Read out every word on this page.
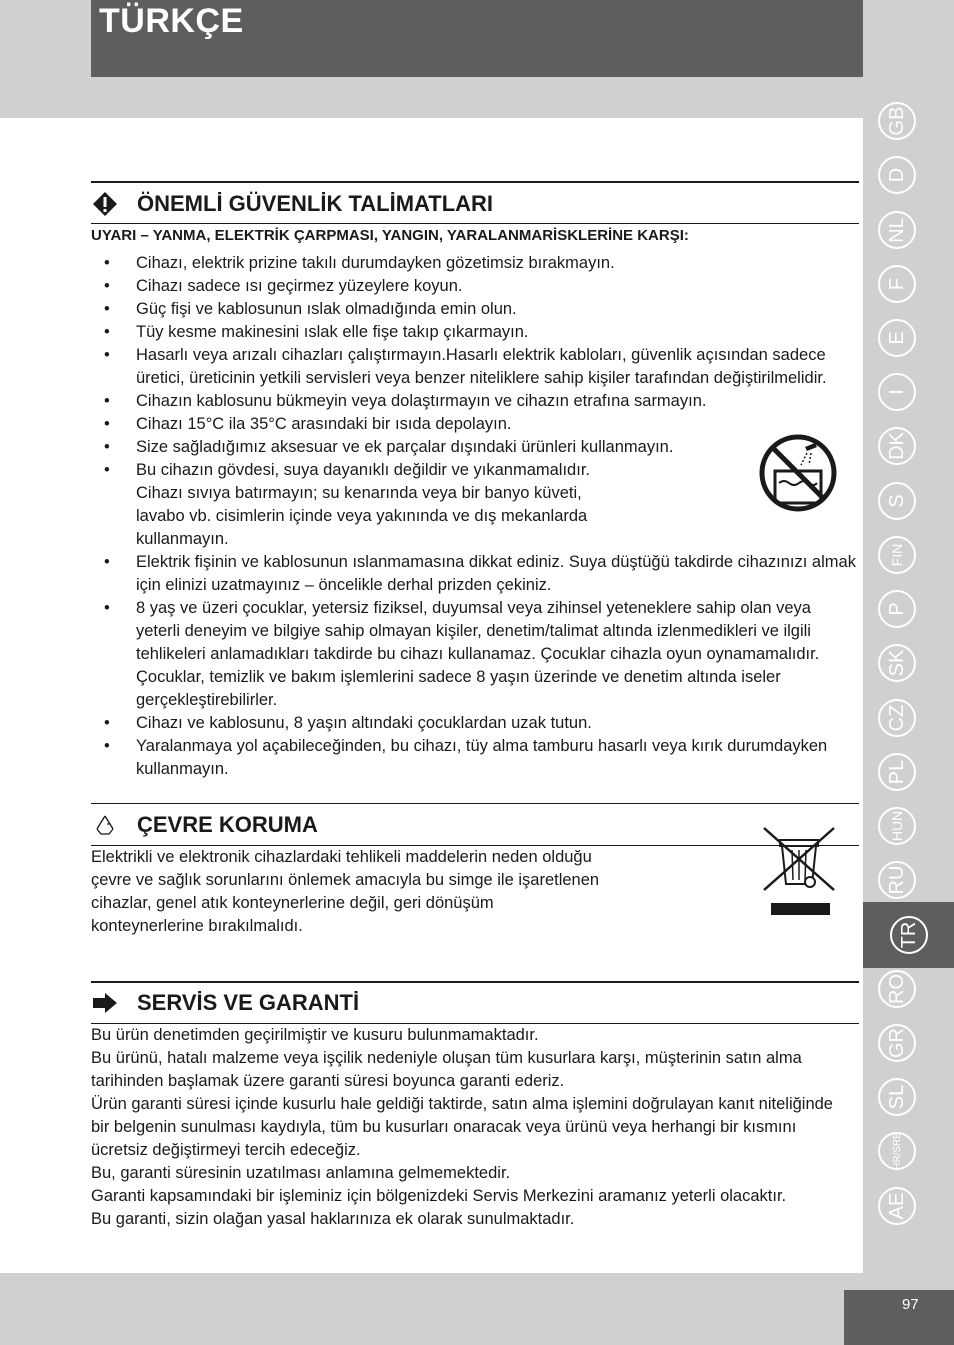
TÜRKÇE
ÖNEMLİ GÜVENLİK TALİMATLARI
UYARI – YANMA, ELEKTRİK ÇARPMASI, YANGIN, YARALANMARİSKLERİNE KARŞI:
• Cihazı, elektrik prizine takılı durumdayken gözetimsiz bırakmayın.
• Cihazı sadece ısı geçirmez yüzeylere koyun.
• Güç fişi ve kablosunun ıslak olmadığında emin olun.
• Tüy kesme makinesini ıslak elle fişe takıp çıkarmayın.
• Hasarlı veya arızalı cihazları çalıştırmayın.Hasarlı elektrik kabloları, güvenlik açısından sadece üretici, üreticinin yetkili servisleri veya benzer niteliklere sahip kişiler tarafından değiştirilmelidir.
• Cihazın kablosunu bükmeyin veya dolaştırmayın ve cihazın etrafına sarmayın.
• Cihazı 15°C ila 35°C arasındaki bir ısıda depolayın.
• Size sağladığımız aksesuar ve ek parçalar dışındaki ürünleri kullanmayın.
• Bu cihazın gövdesi, suya dayanıklı değildir ve yıkanmamalıdır. Cihazı sıvıya batırmayın; su kenarında veya bir banyo küveti, lavabo vb. cisimlerin içinde veya yakınında ve dış mekanlarda kullanmayın.
• Elektrik fişinin ve kablosunun ıslanmamasına dikkat ediniz. Suya düştüğü takdirde cihazınızı almak için elinizi uzatmayınız – öncelikle derhal prizden çekiniz.
• 8 yaş ve üzeri çocuklar, yetersiz fiziksel, duyumsal veya zihinsel yeteneklere sahip olan veya yeterli deneyim ve bilgiye sahip olmayan kişiler, denetim/talimat altında izlenmedikleri ve ilgili tehlikeleri anlamadıkları takdirde bu cihazı kullanamaz. Çocuklar cihazla oyun oynamamalıdır. Çocuklar, temizlik ve bakım işlemlerini sadece 8 yaşın üzerinde ve denetim altında iseler gerçekleştirebilirler.
• Cihazı ve kablosunu, 8 yaşın altındaki çocuklardan uzak tutun.
• Yaralanmaya yol açabileceğinden, bu cihazı, tüy alma tamburu hasarlı veya kırık durumdayken kullanmayın.
ÇEVRE KORUMA
Elektrikli ve elektronik cihazlardaki tehlikeli maddelerin neden olduğu çevre ve sağlık sorunlarını önlemek amacıyla bu simge ile işaretlenen cihazlar, genel atık konteynerlerine değil, geri dönüşüm konteynerlerine bırakılmalıdı.
SERVİS VE GARANTİ

Bu ürün denetimden geçirilmiştir ve kusuru bulunmamaktadır.

Bu ürünü, hatalı malzeme veya işçilik nedeniyle oluşan tüm kusurlara karşı, müşterinin satın alma tarihinden başlamak üzere garanti süresi boyunca garanti ederiz.

Ürün garanti süresi içinde kusurlu hale geldiği taktirde, satın alma işlemini doğrulayan kanıt niteliğinde bir belgenin sunulması kaydıyla, tüm bu kusurları onaracak veya ürünü veya herhangi bir kısmını ücretsiz değiştirmeyi tercih edeceğiz.

Bu, garanti süresinin uzatılması anlamına gelmemektedir.

Garanti kapsamındaki bir işleminiz için bölgenizdeki Servis Merkezini aramanız yeterli olacaktır.

Bu garanti, sizin olağan yasal haklarınıza ek olarak sunulmaktadır.

GB
D
NL
F
E
I
DK
S
FIN
P
SK
CZ
PL
HUN
RU
TR
RO
GR
SL
HR/SRB
AE
97
